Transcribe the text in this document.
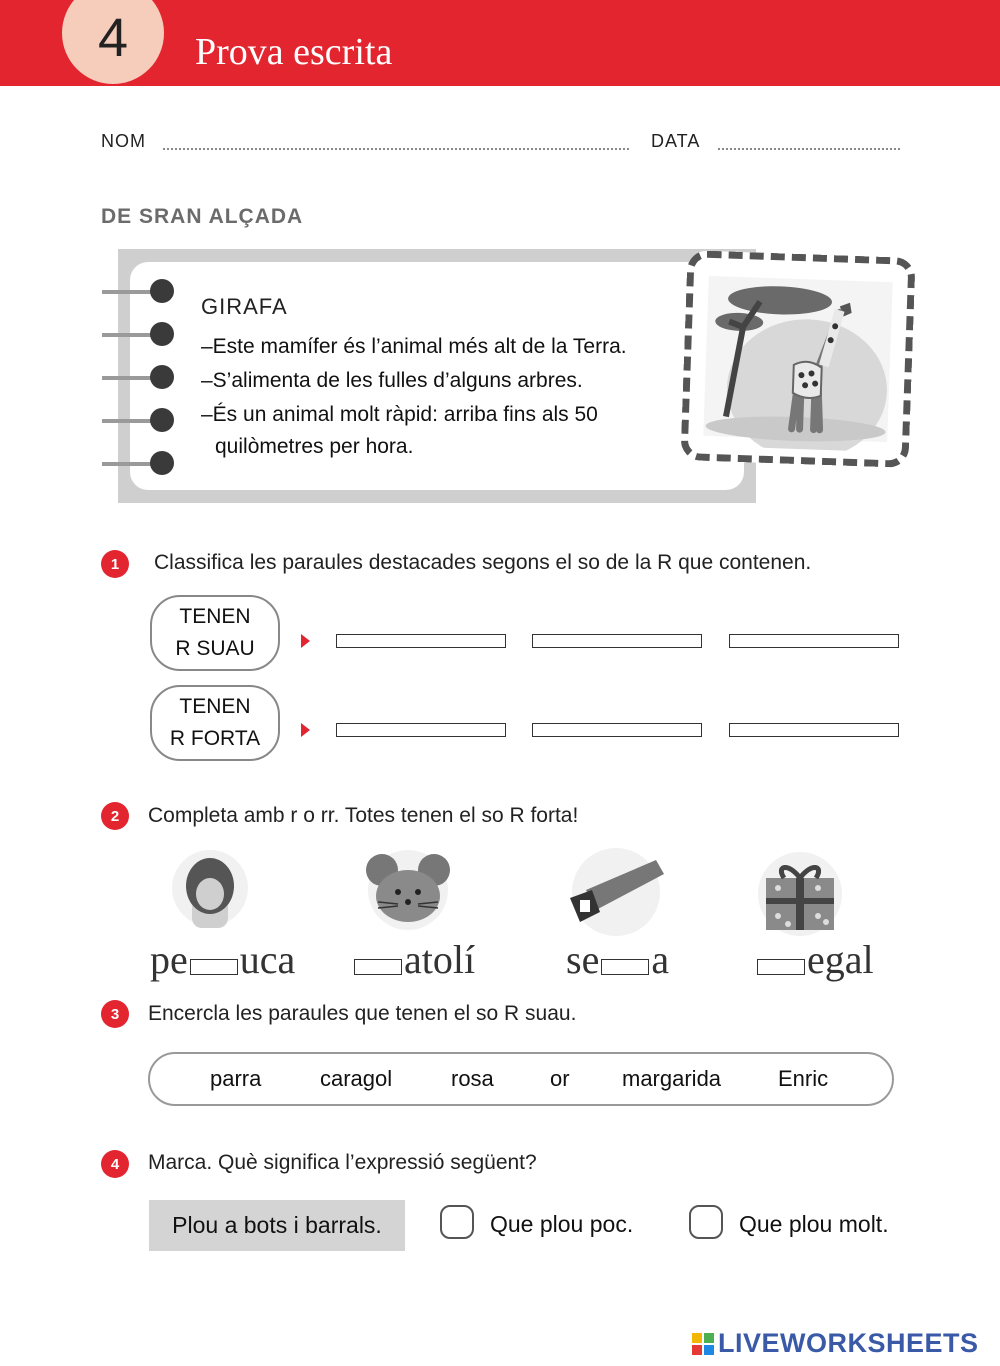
4	Prova escrita
NOM	DATA
DE SRAN ALÇADA
GIRAFA
–Este mamífer és l’animal més alt de la Terra.
–S’alimenta de les fulles d’alguns arbres.
–És un animal molt ràpid: arriba fins als 50
quilòmetres per hora.
1	Classifica les paraules destacades segons el so de la R que contenen.
TENEN
R SUAU
TENEN
R FORTA
2	Completa amb r o rr. Totes tenen el so R forta!
pe uca	atolí se a	egal
3	Encercla les paraules que tenen el so R suau.
parra	caragol	rosa	or margarida	Enric
4	Marca. Què significa l’expressió següent?
Plou a bots i barrals.	Que plou poc.	Que plou molt.
LIVEWORKSHEETS
